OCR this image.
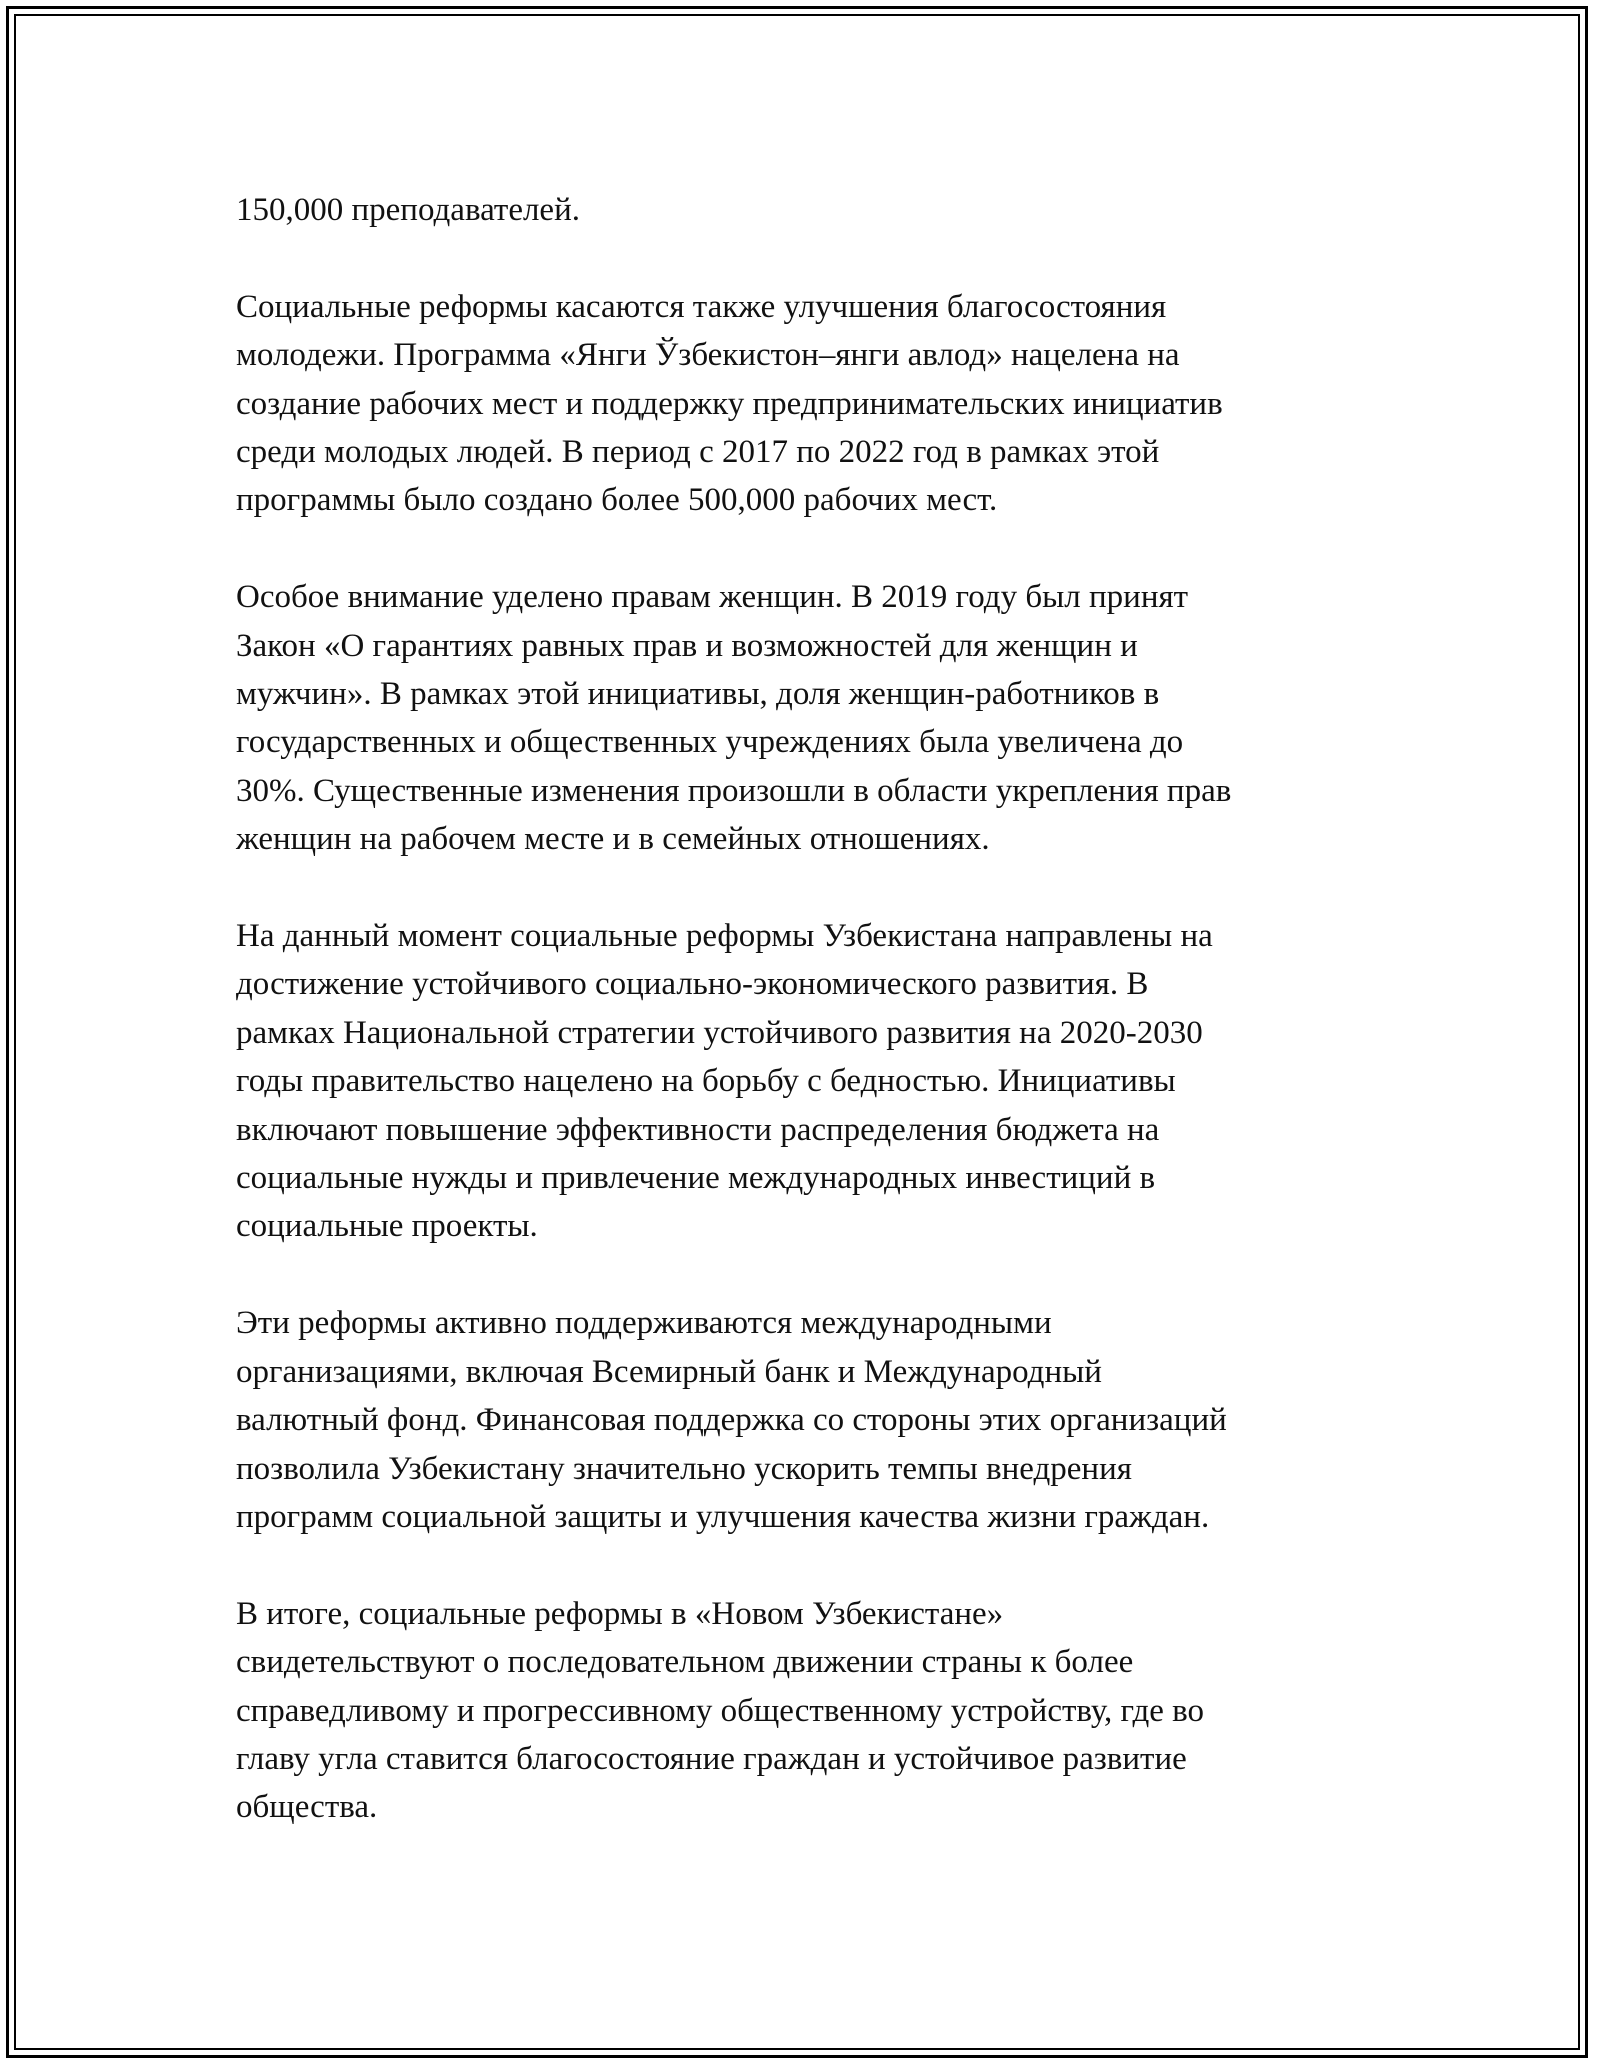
150,000 преподавателей.

Социальные реформы касаются также улучшения благосостояния
молодежи. Программа «Янги Ўзбекистон–янги авлод» нацелена на
создание рабочих мест и поддержку предпринимательских инициатив
среди молодых людей. В период с 2017 по 2022 год в рамках этой
программы было создано более 500,000 рабочих мест.

Особое внимание уделено правам женщин. В 2019 году был принят
Закон «О гарантиях равных прав и возможностей для женщин и
мужчин». В рамках этой инициативы, доля женщин-работников в
государственных и общественных учреждениях была увеличена до
30%. Существенные изменения произошли в области укрепления прав
женщин на рабочем месте и в семейных отношениях.

На данный момент социальные реформы Узбекистана направлены на
достижение устойчивого социально-экономического развития. В
рамках Национальной стратегии устойчивого развития на 2020-2030
годы правительство нацелено на борьбу с бедностью. Инициативы
включают повышение эффективности распределения бюджета на
социальные нужды и привлечение международных инвестиций в
социальные проекты.

Эти реформы активно поддерживаются международными
организациями, включая Всемирный банк и Международный
валютный фонд. Финансовая поддержка со стороны этих организаций
позволила Узбекистану значительно ускорить темпы внедрения
программ социальной защиты и улучшения качества жизни граждан.

В итоге, социальные реформы в «Новом Узбекистане»
свидетельствуют о последовательном движении страны к более
справедливому и прогрессивному общественному устройству, где во
главу угла ставится благосостояние граждан и устойчивое развитие
общества.
